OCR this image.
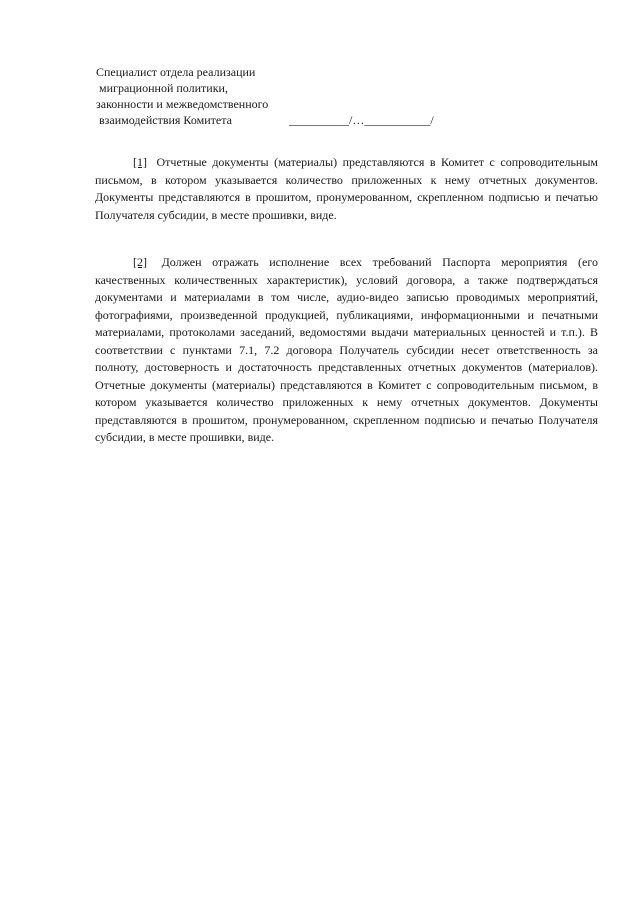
Специалист отдела реализации
миграционной политики,
законности и межведомственного
взаимодействия Комитета	__________/…___________/
[1] Отчетные документы (материалы) представляются в Комитет с сопроводительным письмом, в котором указывается количество приложенных к нему отчетных документов. Документы представляются в прошитом, пронумерованном, скрепленном подписью и печатью Получателя субсидии, в месте прошивки, виде.
[2] Должен отражать исполнение всех требований Паспорта мероприятия (его качественных количественных характеристик), условий договора, а также подтверждаться документами и материалами в том числе, аудио-видео записью проводимых мероприятий, фотографиями, произведенной продукцией, публикациями, информационными и печатными материалами, протоколами заседаний, ведомостями выдачи материальных ценностей и т.п.). В соответствии с пунктами 7.1, 7.2 договора Получатель субсидии несет ответственность за полноту, достоверность и достаточность представленных отчетных документов (материалов). Отчетные документы (материалы) представляются в Комитет с сопроводительным письмом, в котором указывается количество приложенных к нему отчетных документов. Документы представляются в прошитом, пронумерованном, скрепленном подписью и печатью Получателя субсидии, в месте прошивки, виде.
